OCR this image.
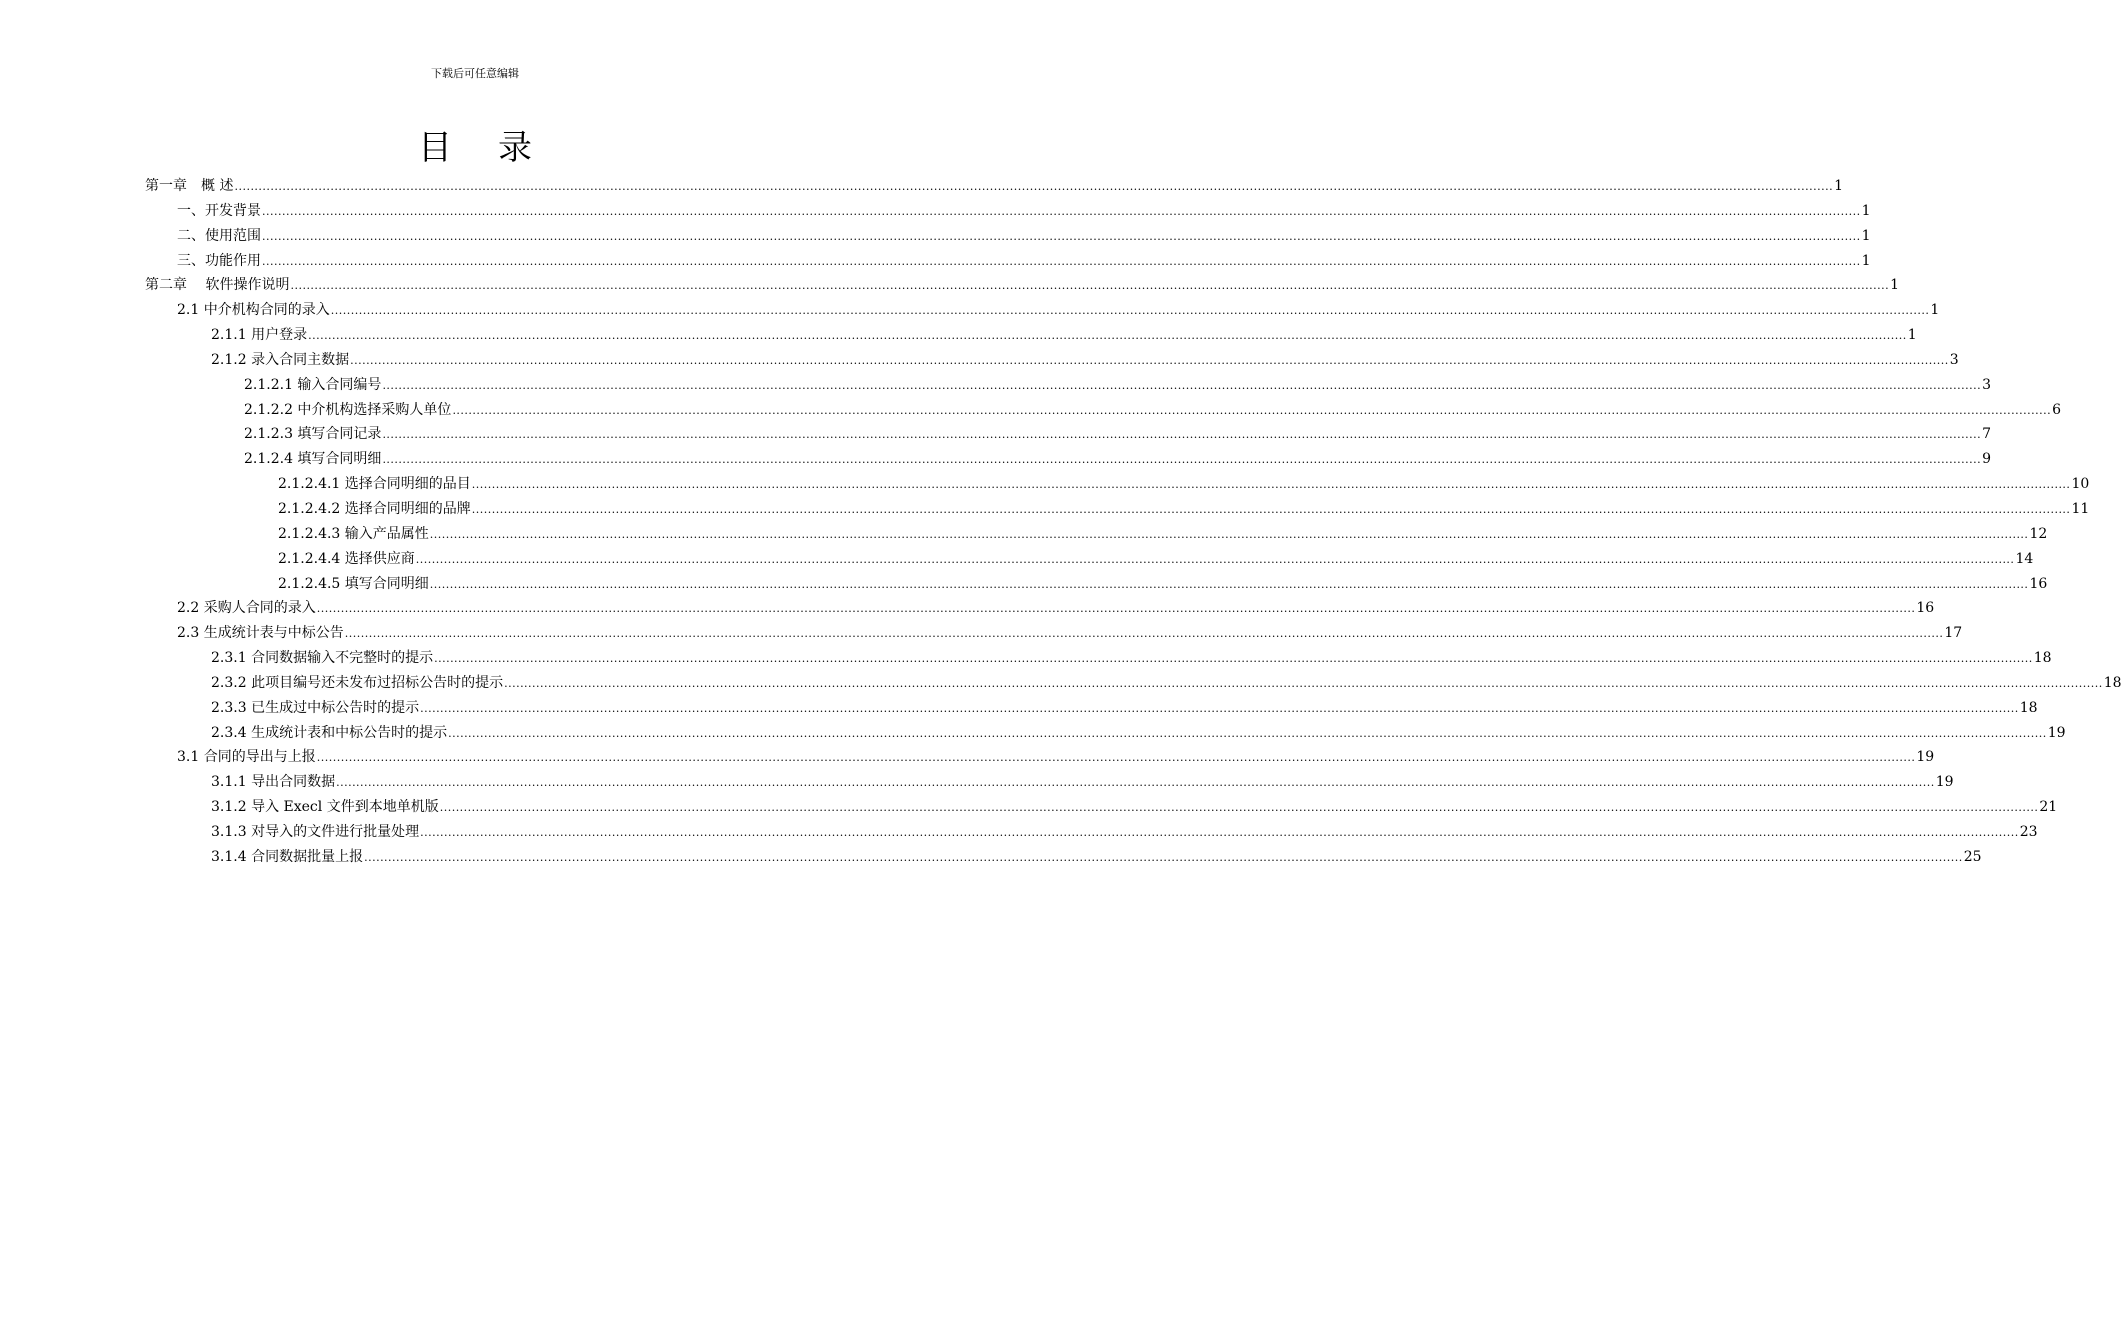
下载后可任意编辑
目录
第一章　概 述 ................................................................................................................................................................................................................................................................................................................................................................................................................ 1
一、开发背景 ................................................................................................................................................................................................................................................................................................................................................................................................................ 1
二、使用范围 ................................................................................................................................................................................................................................................................................................................................................................................................................ 1
三、功能作用 ................................................................................................................................................................................................................................................................................................................................................................................................................ 1
第二章　 软件操作说明 ................................................................................................................................................................................................................................................................................................................................................................................................................ 1
2.1 中介机构合同的录入 ................................................................................................................................................................................................................................................................................................................................................................................................................ 1
2.1.1 用户登录 ................................................................................................................................................................................................................................................................................................................................................................................................................ 1
2.1.2 录入合同主数据 ................................................................................................................................................................................................................................................................................................................................................................................................................ 3
2.1.2.1 输入合同编号 ................................................................................................................................................................................................................................................................................................................................................................................................................ 3
2.1.2.2 中介机构选择采购人单位 ................................................................................................................................................................................................................................................................................................................................................................................................................ 6
2.1.2.3 填写合同记录 ................................................................................................................................................................................................................................................................................................................................................................................................................ 7
2.1.2.4 填写合同明细 ................................................................................................................................................................................................................................................................................................................................................................................................................ 9
2.1.2.4.1 选择合同明细的品目 ................................................................................................................................................................................................................................................................................................................................................................................................................ 10
2.1.2.4.2 选择合同明细的品牌 ................................................................................................................................................................................................................................................................................................................................................................................................................ 11
2.1.2.4.3 输入产品属性 ................................................................................................................................................................................................................................................................................................................................................................................................................ 12
2.1.2.4.4 选择供应商 ................................................................................................................................................................................................................................................................................................................................................................................................................ 14
2.1.2.4.5 填写合同明细 ................................................................................................................................................................................................................................................................................................................................................................................................................ 16
2.2 采购人合同的录入 ................................................................................................................................................................................................................................................................................................................................................................................................................ 16
2.3 生成统计表与中标公告 ................................................................................................................................................................................................................................................................................................................................................................................................................ 17
2.3.1 合同数据输入不完整时的提示 ................................................................................................................................................................................................................................................................................................................................................................................................................ 18
2.3.2 此项目编号还未发布过招标公告时的提示 ................................................................................................................................................................................................................................................................................................................................................................................................................ 18
2.3.3 已生成过中标公告时的提示 ................................................................................................................................................................................................................................................................................................................................................................................................................ 18
2.3.4 生成统计表和中标公告时的提示 ................................................................................................................................................................................................................................................................................................................................................................................................................ 19
3.1 合同的导出与上报 ................................................................................................................................................................................................................................................................................................................................................................................................................ 19
3.1.1 导出合同数据 ................................................................................................................................................................................................................................................................................................................................................................................................................ 19
3.1.2 导入 Execl 文件到本地单机版 ................................................................................................................................................................................................................................................................................................................................................................................................................ 21
3.1.3 对导入的文件进行批量处理 ................................................................................................................................................................................................................................................................................................................................................................................................................ 23
3.1.4 合同数据批量上报 ................................................................................................................................................................................................................................................................................................................................................................................................................ 25
